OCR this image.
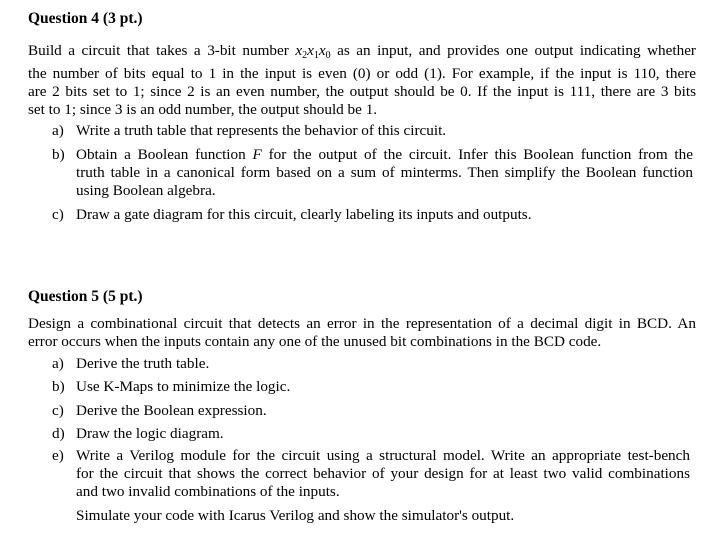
Question 4 (3 pt.)
Build a circuit that takes a 3-bit number $x_2x_1x_0$ as an input, and provides one output indicating whether
the number of bits equal to 1 in the input is even (0) or odd (1). For example, if the input is 110, there
are 2 bits set to 1; since 2 is an even number, the output should be 0. If the input is 111, there are 3 bits
set to 1; since 3 is an odd number, the output should be 1.
a) Write a truth table that represents the behavior of this circuit.
b) Obtain a Boolean function F for the output of the circuit. Infer this Boolean function from the
truth table in a canonical form based on a sum of minterms. Then simplify the Boolean function
using Boolean algebra.
c) Draw a gate diagram for this circuit, clearly labeling its inputs and outputs.
Question 5 (5 pt.)
Design a combinational circuit that detects an error in the representation of a decimal digit in BCD. An
error occurs when the inputs contain any one of the unused bit combinations in the BCD code.
a) Derive the truth table.
b) Use K-Maps to minimize the logic.
c) Derive the Boolean expression.
d) Draw the logic diagram.
e) Write a Verilog module for the circuit using a structural model. Write an appropriate test-bench
for the circuit that shows the correct behavior of your design for at least two valid combinations
and two invalid combinations of the inputs.
Simulate your code with Icarus Verilog and show the simulator's output.
